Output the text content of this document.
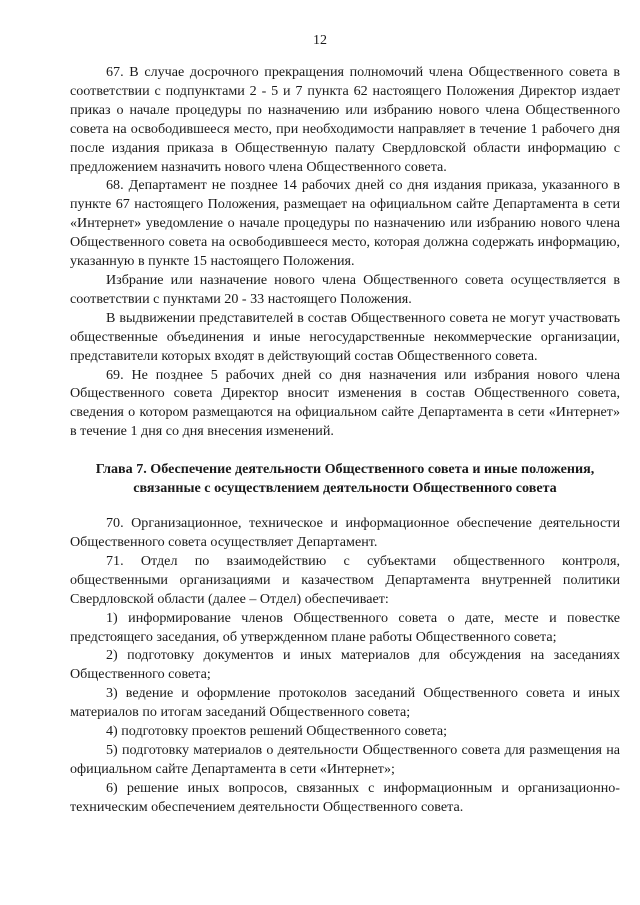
12

67. В случае досрочного прекращения полномочий члена Общественного совета в соответствии с подпунктами 2 - 5 и 7 пункта 62 настоящего Положения Директор издает приказ о начале процедуры по назначению или избранию нового члена Общественного совета на освободившееся место, при необходимости направляет в течение 1 рабочего дня после издания приказа в Общественную палату Свердловской области информацию с предложением назначить нового члена Общественного совета.

68. Департамент не позднее 14 рабочих дней со дня издания приказа, указанного в пункте 67 настоящего Положения, размещает на официальном сайте Департамента в сети «Интернет» уведомление о начале процедуры по назначению или избранию нового члена Общественного совета на освободившееся место, которая должна содержать информацию, указанную в пункте 15 настоящего Положения.

Избрание или назначение нового члена Общественного совета осуществляется в соответствии с пунктами 20 - 33 настоящего Положения.

В выдвижении представителей в состав Общественного совета не могут участвовать общественные объединения и иные негосударственные некоммерческие организации, представители которых входят в действующий состав Общественного совета.

69. Не позднее 5 рабочих дней со дня назначения или избрания нового члена Общественного совета Директор вносит изменения в состав Общественного совета, сведения о котором размещаются на официальном сайте Департамента в сети «Интернет» в течение 1 дня со дня внесения изменений.

Глава 7. Обеспечение деятельности Общественного совета и иные положения, связанные с осуществлением деятельности Общественного совета

70. Организационное, техническое и информационное обеспечение деятельности Общественного совета осуществляет Департамент.

71. Отдел по взаимодействию с субъектами общественного контроля, общественными организациями и казачеством Департамента внутренней политики Свердловской области (далее – Отдел) обеспечивает:

1) информирование членов Общественного совета о дате, месте и повестке предстоящего заседания, об утвержденном плане работы Общественного совета;

2) подготовку документов и иных материалов для обсуждения на заседаниях Общественного совета;

3) ведение и оформление протоколов заседаний Общественного совета и иных материалов по итогам заседаний Общественного совета;

4) подготовку проектов решений Общественного совета;

5) подготовку материалов о деятельности Общественного совета для размещения на официальном сайте Департамента в сети «Интернет»;

6) решение иных вопросов, связанных с информационным и организационно-техническим обеспечением деятельности Общественного совета.
